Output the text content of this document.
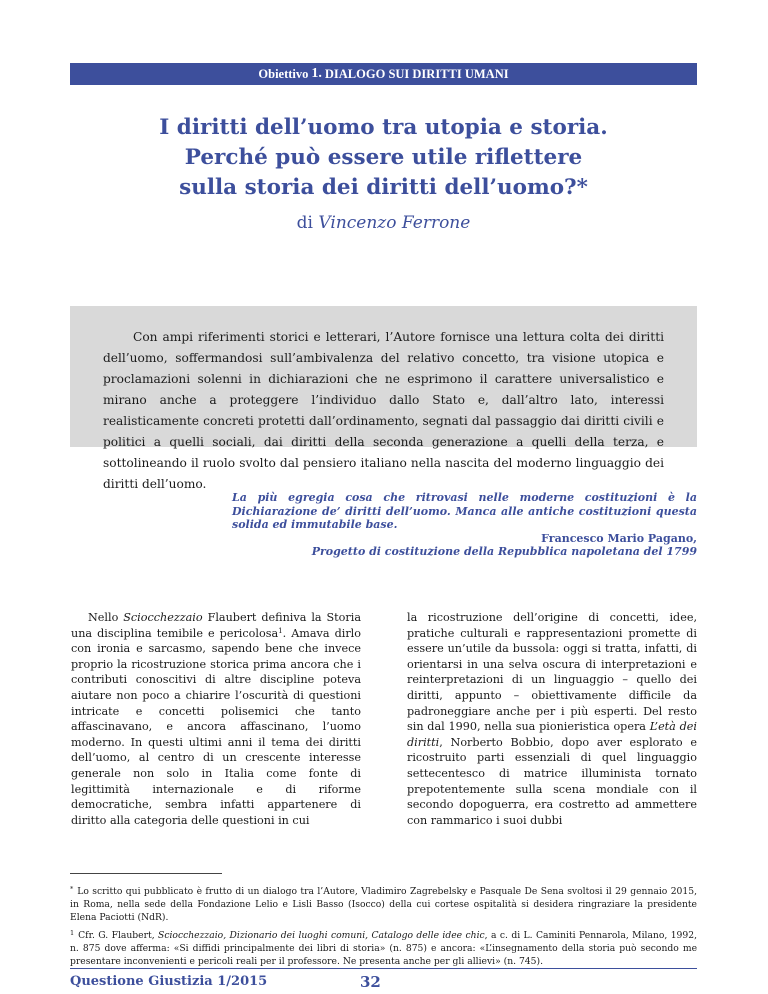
Obiettivo 1. DIALOGO SUI DIRITTI UMANI
I diritti dell’uomo tra utopia e storia.
Perché può essere utile riflettere
sulla storia dei diritti dell’uomo?*
di Vincenzo Ferrone

Con ampi riferimenti storici e letterari, l’Autore fornisce una lettura colta dei diritti dell’uomo, soffermandosi sull’ambivalenza del relativo concetto, tra visione utopica e proclamazioni solenni in dichiarazioni che ne esprimono il carattere universalistico e mirano anche a proteggere l’individuo dallo Stato e, dall’altro lato, interessi realisticamente concreti protetti dall’ordinamento, segnati dal passaggio dai diritti civili e politici a quelli sociali, dai diritti della seconda generazione a quelli della terza, e sottolineando il ruolo svolto dal pensiero italiano nella nascita del moderno linguaggio dei diritti dell’uomo.

La più egregia cosa che ritrovasi nelle moderne costituzioni è la Dichiarazione de’ diritti dell’uomo. Manca alle antiche costituzioni questa solida ed immutabile base.
Francesco Mario Pagano,
Progetto di costituzione della Repubblica napoletana del 1799

Nello Sciocchezzaio Flaubert definiva la Storia una disciplina temibile e pericolosa$^1$. Amava dirlo con ironia e sarcasmo, sapendo bene che invece proprio la ricostruzione storica prima ancora che i contributi conoscitivi di altre discipline poteva aiutare non poco a chiarire l’oscurità di questioni intricate e concetti polisemici che tanto affascinavano, e ancora affascinano, l’uomo moderno. In questi ultimi anni il tema dei diritti dell’uomo, al centro di un crescente interesse generale non solo in Italia come fonte di legittimità internazionale e di riforme democratiche, sembra infatti appartenere di diritto alla categoria delle questioni in cui

la ricostruzione dell’origine di concetti, idee, pratiche culturali e rappresentazioni promette di essere un’utile da bussola: oggi si tratta, infatti, di orientarsi in una selva oscura di interpretazioni e reinterpretazioni di un linguaggio – quello dei diritti, appunto – obiettivamente difficile da padroneggiare anche per i più esperti. Del resto sin dal 1990, nella sua pionieristica opera L’età dei diritti, Norberto Bobbio, dopo aver esplorato e ricostruito parti essenziali di quel linguaggio settecentesco di matrice illuminista tornato prepotentemente sulla scena mondiale con il secondo dopoguerra, era costretto ad ammettere con rammarico i suoi dubbi

* Lo scritto qui pubblicato è frutto di un dialogo tra l’Autore, Vladimiro Zagrebelsky e Pasquale De Sena svoltosi il 29 gennaio 2015, in Roma, nella sede della Fondazione Lelio e Lisli Basso (Isocco) della cui cortese ospitalità si desidera ringraziare la presidente Elena Paciotti (NdR).
$^1$ Cfr. G. Flaubert, Sciocchezzaio, Dizionario dei luoghi comuni, Catalogo delle idee chic, a c. di L. Caminiti Pennarola, Milano, 1992, n. 875 dove afferma: «Si diffidi principalmente dei libri di storia» (n. 875) e ancora: «L’insegnamento della storia può secondo me presentare inconvenienti e pericoli reali per il professore. Ne presenta anche per gli allievi» (n. 745).
Questione Giustizia 1/2015	32
